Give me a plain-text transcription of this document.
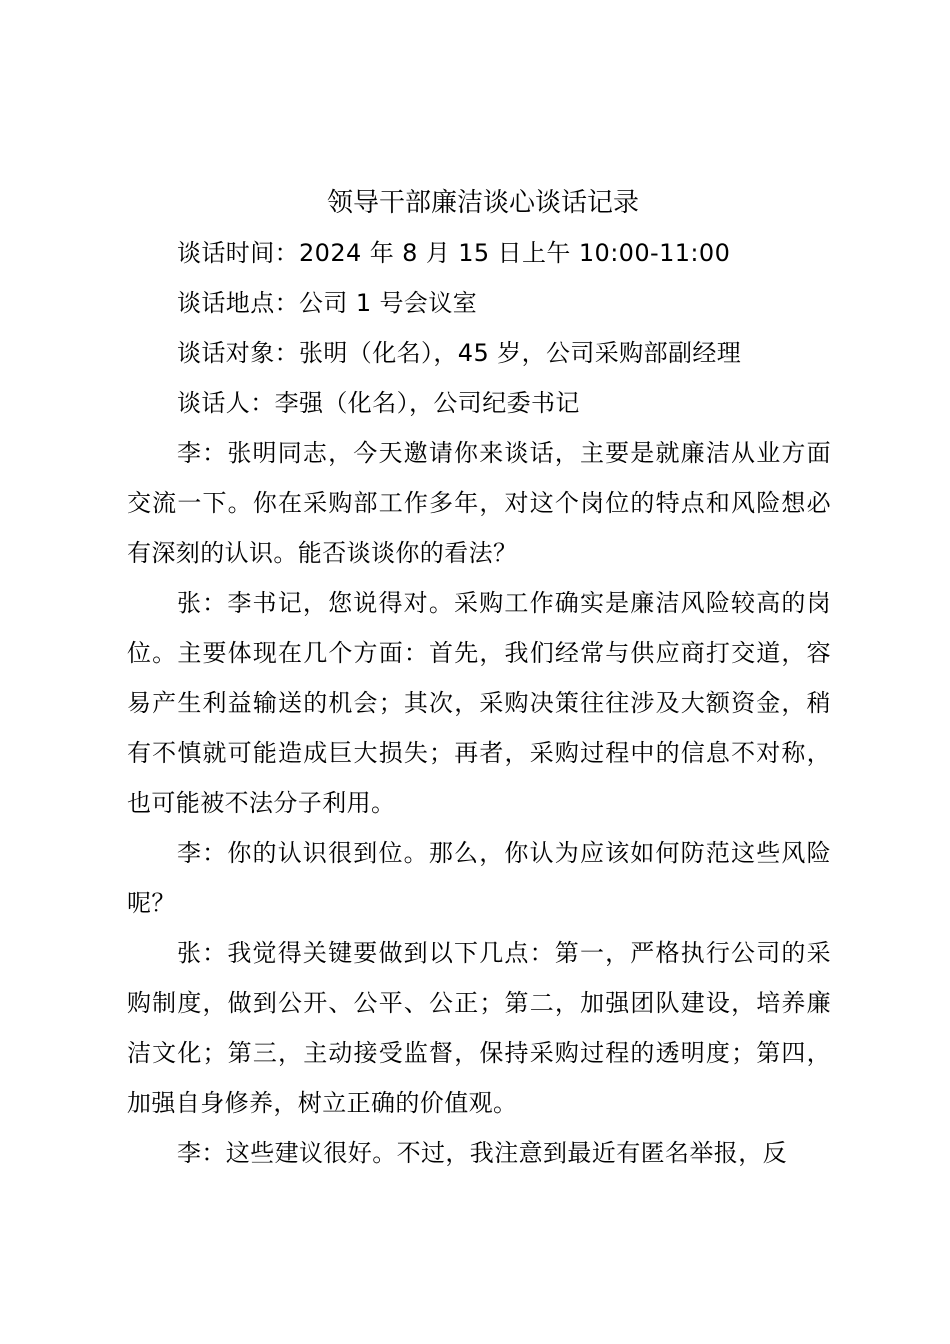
领导干部廉洁谈心谈话记录

谈话时间：2024 年 8 月 15 日上午 10:00-11:00

谈话地点：公司 1 号会议室

谈话对象：张明（化名），45 岁，公司采购部副经理

谈话人：李强（化名），公司纪委书记

李：张明同志，今天邀请你来谈话，主要是就廉洁从业方面交流一下。你在采购部工作多年，对这个岗位的特点和风险想必有深刻的认识。能否谈谈你的看法？

张：李书记，您说得对。采购工作确实是廉洁风险较高的岗位。主要体现在几个方面：首先，我们经常与供应商打交道，容易产生利益输送的机会；其次，采购决策往往涉及大额资金，稍有不慎就可能造成巨大损失；再者，采购过程中的信息不对称，也可能被不法分子利用。

李：你的认识很到位。那么，你认为应该如何防范这些风险呢？

张：我觉得关键要做到以下几点：第一，严格执行公司的采购制度，做到公开、公平、公正；第二，加强团队建设，培养廉洁文化；第三，主动接受监督，保持采购过程的透明度；第四，加强自身修养，树立正确的价值观。

李：这些建议很好。不过，我注意到最近有匿名举报，反
